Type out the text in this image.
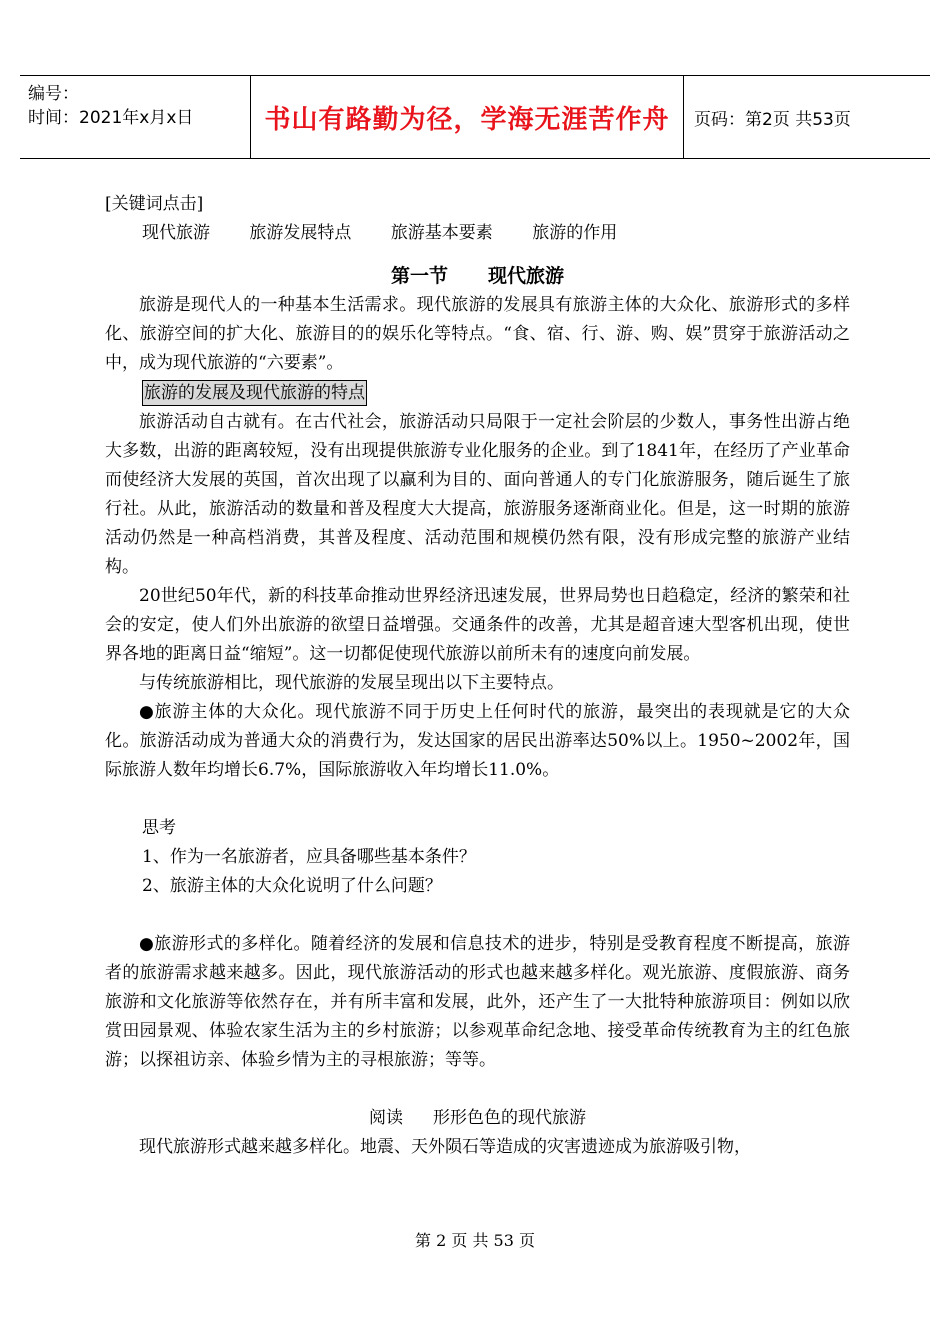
编号：
时间：2021年x月x日	书山有路勤为径，学海无涯苦作舟	页码：第2页 共53页
[关键词点击]
现代旅游 旅游发展特点 旅游基本要素 旅游的作用
第一节 现代旅游

旅游是现代人的一种基本生活需求。现代旅游的发展具有旅游主体的大众化、旅游形式的多样化、旅游空间的扩大化、旅游目的的娱乐化等特点。“食、宿、行、游、购、娱”贯穿于旅游活动之中，成为现代旅游的“六要素”。

旅游的发展及现代旅游的特点

旅游活动自古就有。在古代社会，旅游活动只局限于一定社会阶层的少数人，事务性出游占绝大多数，出游的距离较短，没有出现提供旅游专业化服务的企业。到了1841年，在经历了产业革命而使经济大发展的英国，首次出现了以赢利为目的、面向普通人的专门化旅游服务，随后诞生了旅行社。从此，旅游活动的数量和普及程度大大提高，旅游服务逐渐商业化。但是，这一时期的旅游活动仍然是一种高档消费，其普及程度、活动范围和规模仍然有限，没有形成完整的旅游产业结构。

20世纪50年代，新的科技革命推动世界经济迅速发展，世界局势也日趋稳定，经济的繁荣和社会的安定，使人们外出旅游的欲望日益增强。交通条件的改善，尤其是超音速大型客机出现，使世界各地的距离日益“缩短”。这一切都促使现代旅游以前所未有的速度向前发展。

与传统旅游相比，现代旅游的发展呈现出以下主要特点。

●旅游主体的大众化。现代旅游不同于历史上任何时代的旅游，最突出的表现就是它的大众化。旅游活动成为普通大众的消费行为，发达国家的居民出游率达50%以上。1950~2002年，国际旅游人数年均增长6.7%，国际旅游收入年均增长11.0%。

思考
1、作为一名旅游者，应具备哪些基本条件？
2、旅游主体的大众化说明了什么问题？

●旅游形式的多样化。随着经济的发展和信息技术的进步，特别是受教育程度不断提高，旅游者的旅游需求越来越多。因此，现代旅游活动的形式也越来越多样化。观光旅游、度假旅游、商务旅游和文化旅游等依然存在，并有所丰富和发展，此外，还产生了一大批特种旅游项目：例如以欣赏田园景观、体验农家生活为主的乡村旅游；以参观革命纪念地、接受革命传统教育为主的红色旅游；以探祖访亲、体验乡情为主的寻根旅游；等等。

阅读 形形色色的现代旅游

现代旅游形式越来越多样化。地震、天外陨石等造成的灾害遗迹成为旅游吸引物，

第 2 页 共 53 页
